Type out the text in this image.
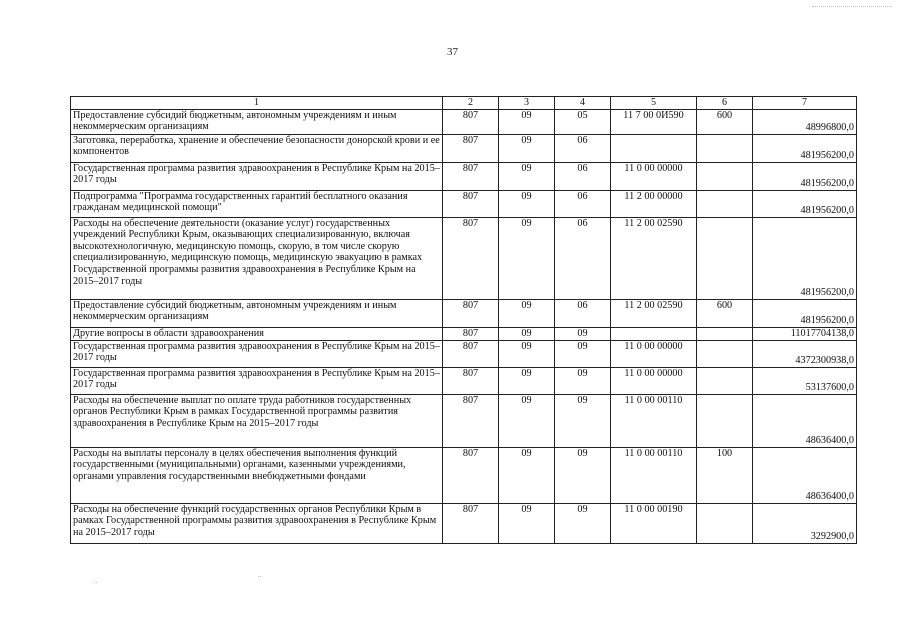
37
1	2	3	4	5	6	7
Предоставление субсидий бюджетным, автономным учреждениям и иным некоммерческим организациям	807	09	05	11 7 00 0И590	600	48996800,0
Заготовка, переработка, хранение и обеспечение безопасности донорской крови и ее компонентов	807	09	06			481956200,0
Государственная программа развития здравоохранения в Республике Крым на 2015–2017 годы	807	09	06	11 0 00 00000		481956200,0
Подпрограмма "Программа государственных гарантий бесплатного оказания гражданам медицинской помощи"	807	09	06	11 2 00 00000		481956200,0
Расходы на обеспечение деятельности (оказание услуг) государственных учреждений Республики Крым, оказывающих специализированную, включая высокотехнологичную, медицинскую помощь, скорую, в том числе скорую специализированную, медицинскую помощь, медицинскую эвакуацию в рамках Государственной программы развития здравоохранения в Республике Крым на 2015–2017 годы	807	09	06	11 2 00 02590		481956200,0
Предоставление субсидий бюджетным, автономным учреждениям и иным некоммерческим организациям	807	09	06	11 2 00 02590	600	481956200,0
Другие вопросы в области здравоохранения	807	09	09			11017704138,0
Государственная программа развития здравоохранения в Республике Крым на 2015–2017 годы	807	09	09	11 0 00 00000		4372300938,0
Государственная программа развития здравоохранения в Республике Крым на 2015–2017 годы	807	09	09	11 0 00 00000		53137600,0
Расходы на обеспечение выплат по оплате труда работников государственных органов Республики Крым в рамках Государственной программы развития здравоохранения в Республике Крым на 2015–2017 годы	807	09	09	11 0 00 00110		48636400,0
Расходы на выплаты персоналу в целях обеспечения выполнения функций государственными (муниципальными) органами, казенными учреждениями, органами управления государственными внебюджетными фондами	807	09	09	11 0 00 00110	100	48636400,0
Расходы на обеспечение функций государственных органов Республики Крым в рамках Государственной программы развития здравоохранения в Республике Крым на 2015–2017 годы	807	09	09	11 0 00 00190		3292900,0
